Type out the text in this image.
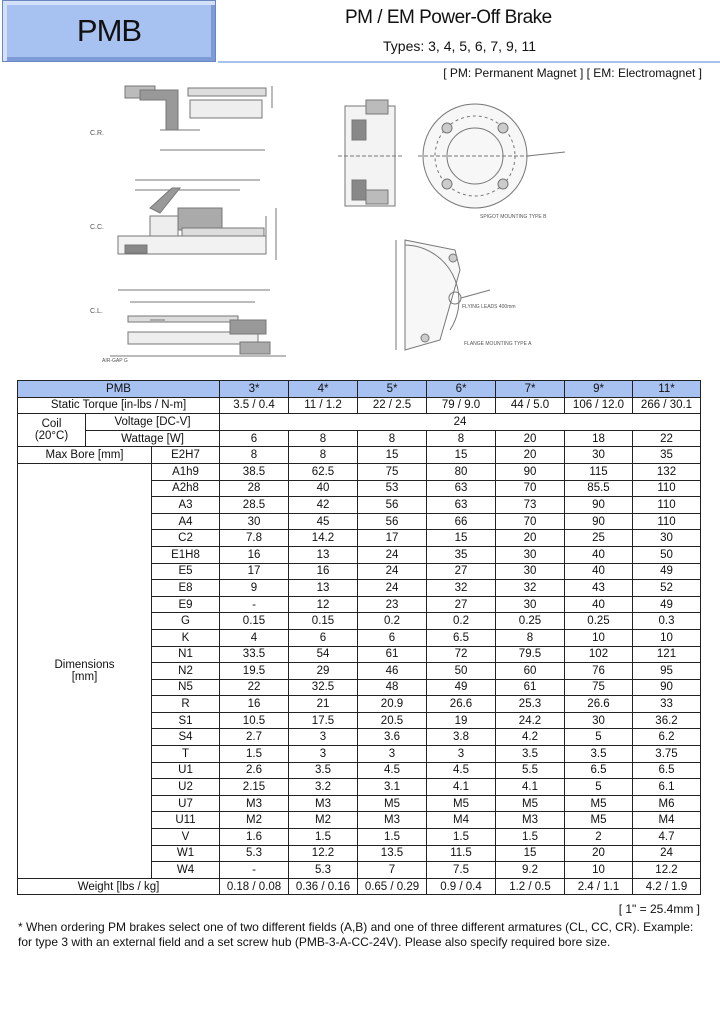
PMB	PM / EM Power-Off Brake
Types: 3, 4, 5, 6, 7, 9, 11
[ PM: Permanent Magnet ] [ EM: Electromagnet ]
C.R.
C.C.
C.L.
AIR-GAP G
SPIGOT MOUNTING TYPE B
FLANGE MOUNTING TYPE A
FLYING LEADS 400mm
PMB			3*	4*	5*	6*	7*	9*	11*
Static Torque [in-lbs / N-m]			3.5 / 0.4	11 / 1.2	22 / 2.5	79 / 9.0	44 / 5.0	106 / 12.0	266 / 30.1

Coil
(20°C)	Voltage [DC-V]		24						
	Wattage [W]		6	8	8	8	20	18	22
Max Bore [mm]		E2H7	8	8	15	15	20	30	35

Dimensions
[mm]		A1h9	38.5	62.5	75	80	90	115	132
		A2h8	28	40	53	63	70	85.5	110
		A3	28.5	42	56	63	73	90	110
		A4	30	45	56	66	70	90	110
		C2	7.8	14.2	17	15	20	25	30
		E1H8	16	13	24	35	30	40	50
		E5	17	16	24	27	30	40	49
		E8	9	13	24	32	32	43	52
		E9	-	12	23	27	30	40	49
		G	0.15	0.15	0.2	0.2	0.25	0.25	0.3
		K	4	6	6	6.5	8	10	10
		N1	33.5	54	61	72	79.5	102	121
		N2	19.5	29	46	50	60	76	95
		N5	22	32.5	48	49	61	75	90
		R	16	21	20.9	26.6	25.3	26.6	33
		S1	10.5	17.5	20.5	19	24.2	30	36.2
		S4	2.7	3	3.6	3.8	4.2	5	6.2
		T	1.5	3	3	3	3.5	3.5	3.75
		U1	2.6	3.5	4.5	4.5	5.5	6.5	6.5
		U2	2.15	3.2	3.1	4.1	4.1	5	6.1
		U7	M3	M3	M5	M5	M5	M5	M6
		U11	M2	M2	M3	M4	M3	M5	M4
		V	1.6	1.5	1.5	1.5	1.5	2	4.7
		W1	5.3	12.2	13.5	11.5	15	20	24
		W4	-	5.3	7	7.5	9.2	10	12.2
Weight [lbs / kg]			0.18 / 0.08	0.36 / 0.16	0.65 / 0.29	0.9 / 0.4	1.2 / 0.5	2.4 / 1.1	4.2 / 1.9
[ 1" = 25.4mm ]
* When ordering PM brakes select one of two different fields (A,B) and one of three different armatures (CL, CC, CR). Example: for type 3 with an external field and a set screw hub (PMB-3-A-CC-24V). Please also specify required bore size.
